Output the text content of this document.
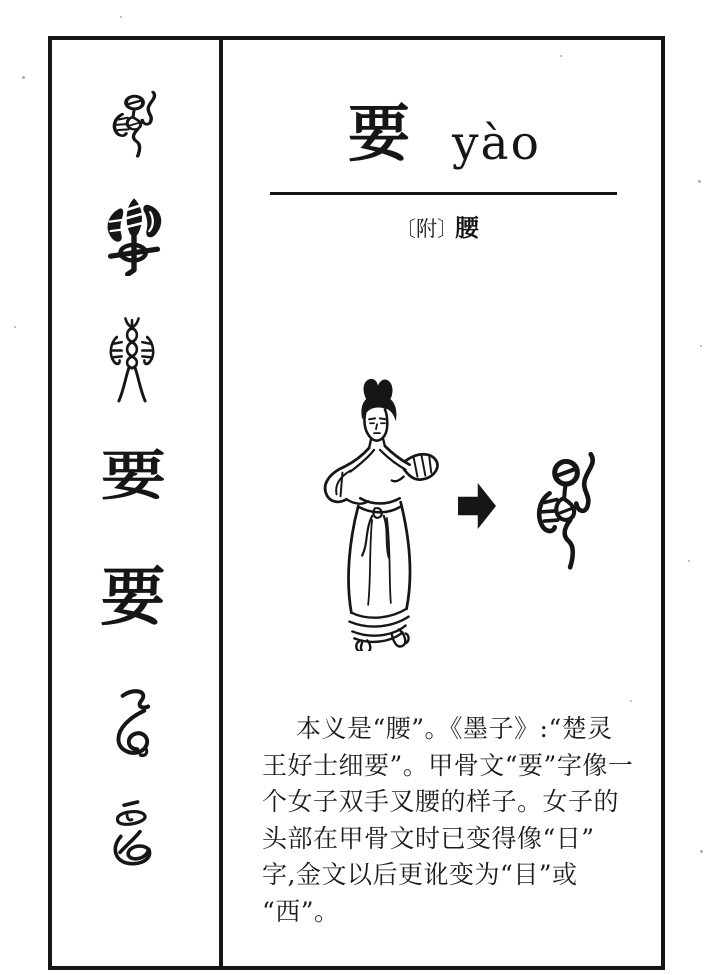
要
要
要 yào
〔附〕
腰

本义是“腰”。《墨子》:“楚灵

王好士细要”。甲骨文“要”字像一

个女子双手叉腰的样子。女子的

头部在甲骨文时已变得像“日”

字,金文以后更讹变为“目”或

“西”。
